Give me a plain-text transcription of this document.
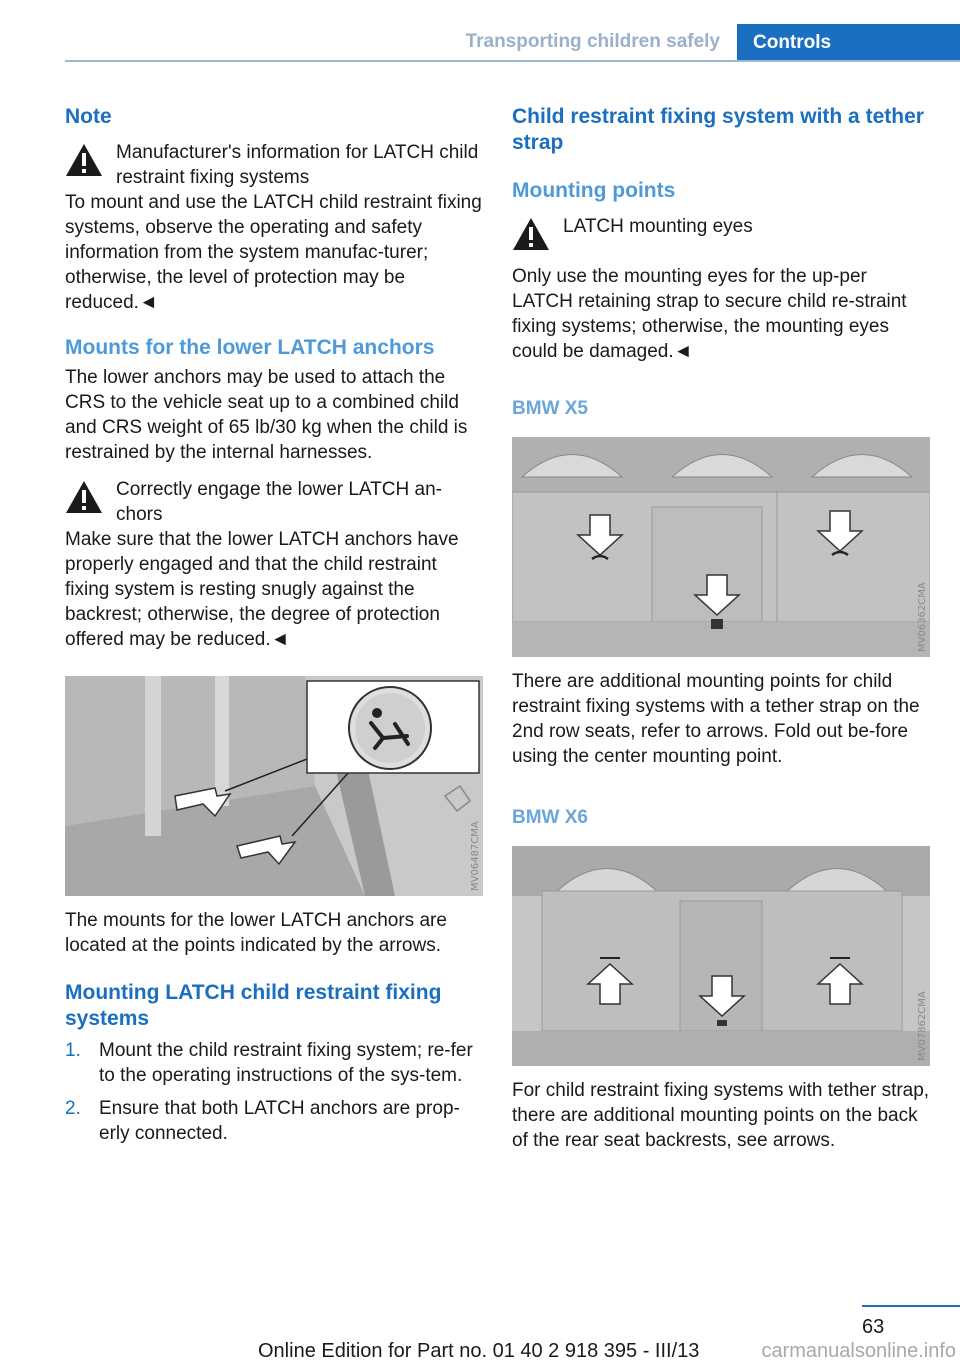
Transporting children safely Controls
Note
Manufacturer's information for LATCH child restraint fixing systems
To mount and use the LATCH child restraint fixing systems, observe the operating and safety information from the system manufac-turer; otherwise, the level of protection may be reduced.◄
Mounts for the lower LATCH anchors
The lower anchors may be used to attach the CRS to the vehicle seat up to a combined child and CRS weight of 65 lb/30 kg when the child is restrained by the internal harnesses.
Correctly engage the lower LATCH an-chors
Make sure that the lower LATCH anchors have properly engaged and that the child restraint fixing system is resting snugly against the backrest; otherwise, the degree of protection offered may be reduced.◄
MV06487CMA
The mounts for the lower LATCH anchors are located at the points indicated by the arrows.
Mounting LATCH child restraint fixing systems
1. Mount the child restraint fixing system; re-fer to the operating instructions of the sys-tem.
2. Ensure that both LATCH anchors are prop-erly connected.
Child restraint fixing system with a tether strap
Mounting points
LATCH mounting eyes
Only use the mounting eyes for the up-per LATCH retaining strap to secure child re-straint fixing systems; otherwise, the mounting eyes could be damaged.◄
BMW X5
MV06362CMA
There are additional mounting points for child restraint fixing systems with a tether strap on the 2nd row seats, refer to arrows. Fold out be-fore using the center mounting point.
BMW X6
MV07862CMA
For child restraint fixing systems with tether strap, there are additional mounting points on the back of the rear seat backrests, see arrows.
63
Online Edition for Part no. 01 40 2 918 395 - III/13	carmanualsonline.info
